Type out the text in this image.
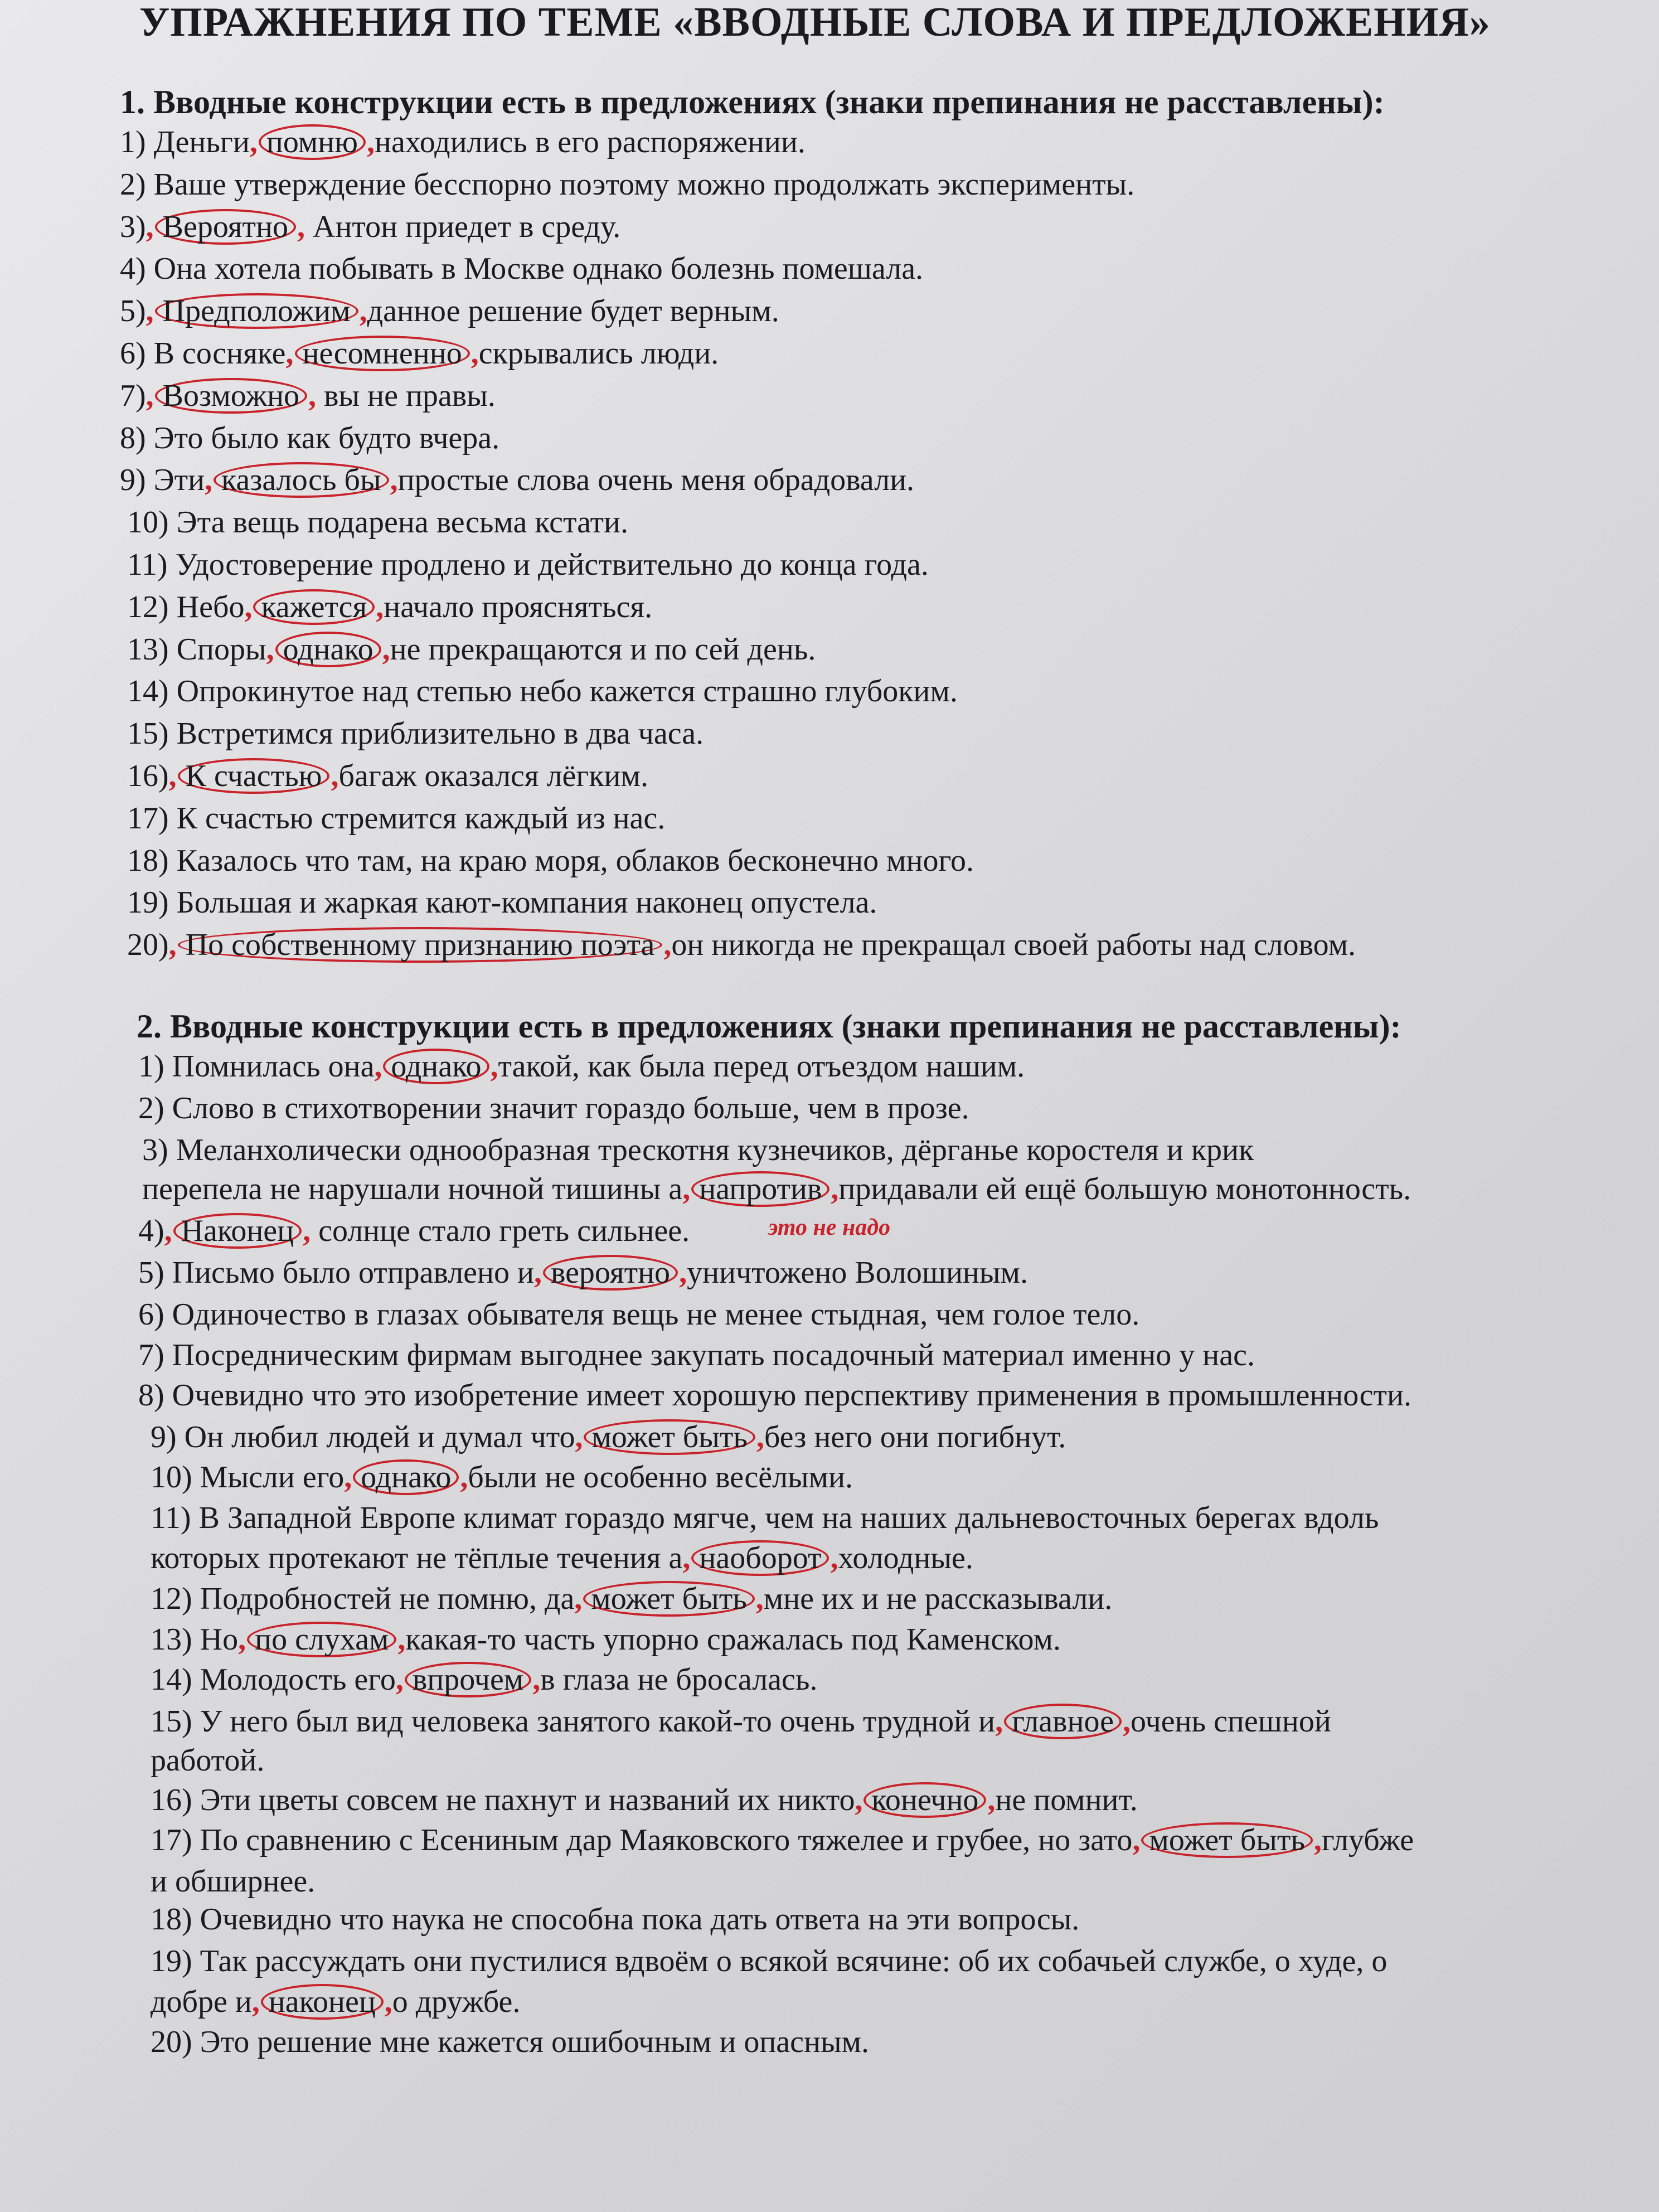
УПРАЖНЕНИЯ ПО ТЕМЕ «ВВОДНЫЕ СЛОВА И ПРЕДЛОЖЕНИЯ»
1. Вводные конструкции есть в предложениях (знаки препинания не расставлены):
1) Деньги, помню ,находились в его распоряжении.
2) Ваше утверждение бесспорно поэтому можно продолжать эксперименты.
3), Вероятно , Антон приедет в среду.
4) Она хотела побывать в Москве однако болезнь помешала.
5), Предположим ,данное решение будет верным.
6) В сосняке, несомненно ,скрывались люди.
7), Возможно , вы не правы.
8) Это было как будто вчера.
9) Эти, казалось бы ,простые слова очень меня обрадовали.
10) Эта вещь подарена весьма кстати.
11) Удостоверение продлено и действительно до конца года.
12) Небо, кажется ,начало проясняться.
13) Споры, однако ,не прекращаются и по сей день.
14) Опрокинутое над степью небо кажется страшно глубоким.
15) Встретимся приблизительно в два часа.
16), К счастью ,багаж оказался лёгким.
17) К счастью стремится каждый из нас.
18) Казалось что там, на краю моря, облаков бесконечно много.
19) Большая и жаркая кают-компания наконец опустела.
20), По собственному признанию поэта ,он никогда не прекращал своей работы над словом.
2. Вводные конструкции есть в предложениях (знаки препинания не расставлены):
1) Помнилась она, однако ,такой, как была перед отъездом нашим.
2) Слово в стихотворении значит гораздо больше, чем в прозе.
3) Меланхолически однообразная трескотня кузнечиков, дёрганье коростеля и крик
перепела не нарушали ночной тишины а, напротив ,придавали ей ещё большую монотонность.
4), Наконец , солнце стало греть сильнее.
5) Письмо было отправлено и, вероятно ,уничтожено Волошиным.
6) Одиночество в глазах обывателя вещь не менее стыдная, чем голое тело.
7) Посредническим фирмам выгоднее закупать посадочный материал именно у нас.
8) Очевидно что это изобретение имеет хорошую перспективу применения в промышленности.
9) Он любил людей и думал что, может быть ,без него они погибнут.
10) Мысли его, однако ,были не особенно весёлыми.
11) В Западной Европе климат гораздо мягче, чем на наших дальневосточных берегах вдоль
которых протекают не тёплые течения а, наоборот ,холодные.
12) Подробностей не помню, да, может быть ,мне их и не рассказывали.
13) Но, по слухам ,какая-то часть упорно сражалась под Каменском.
14) Молодость его, впрочем ,в глаза не бросалась.
15) У него был вид человека занятого какой-то очень трудной и, главное ,очень спешной
работой.
16) Эти цветы совсем не пахнут и названий их никто, конечно ,не помнит.
17) По сравнению с Есениным дар Маяковского тяжелее и грубее, но зато, может быть ,глубже
и обширнее.
18) Очевидно что наука не способна пока дать ответа на эти вопросы.
19) Так рассуждать они пустилися вдвоём о всякой всячине: об их собачьей службе, о худе, о
добре и, наконец ,о дружбе.
20) Это решение мне кажется ошибочным и опасным.
это не надо
